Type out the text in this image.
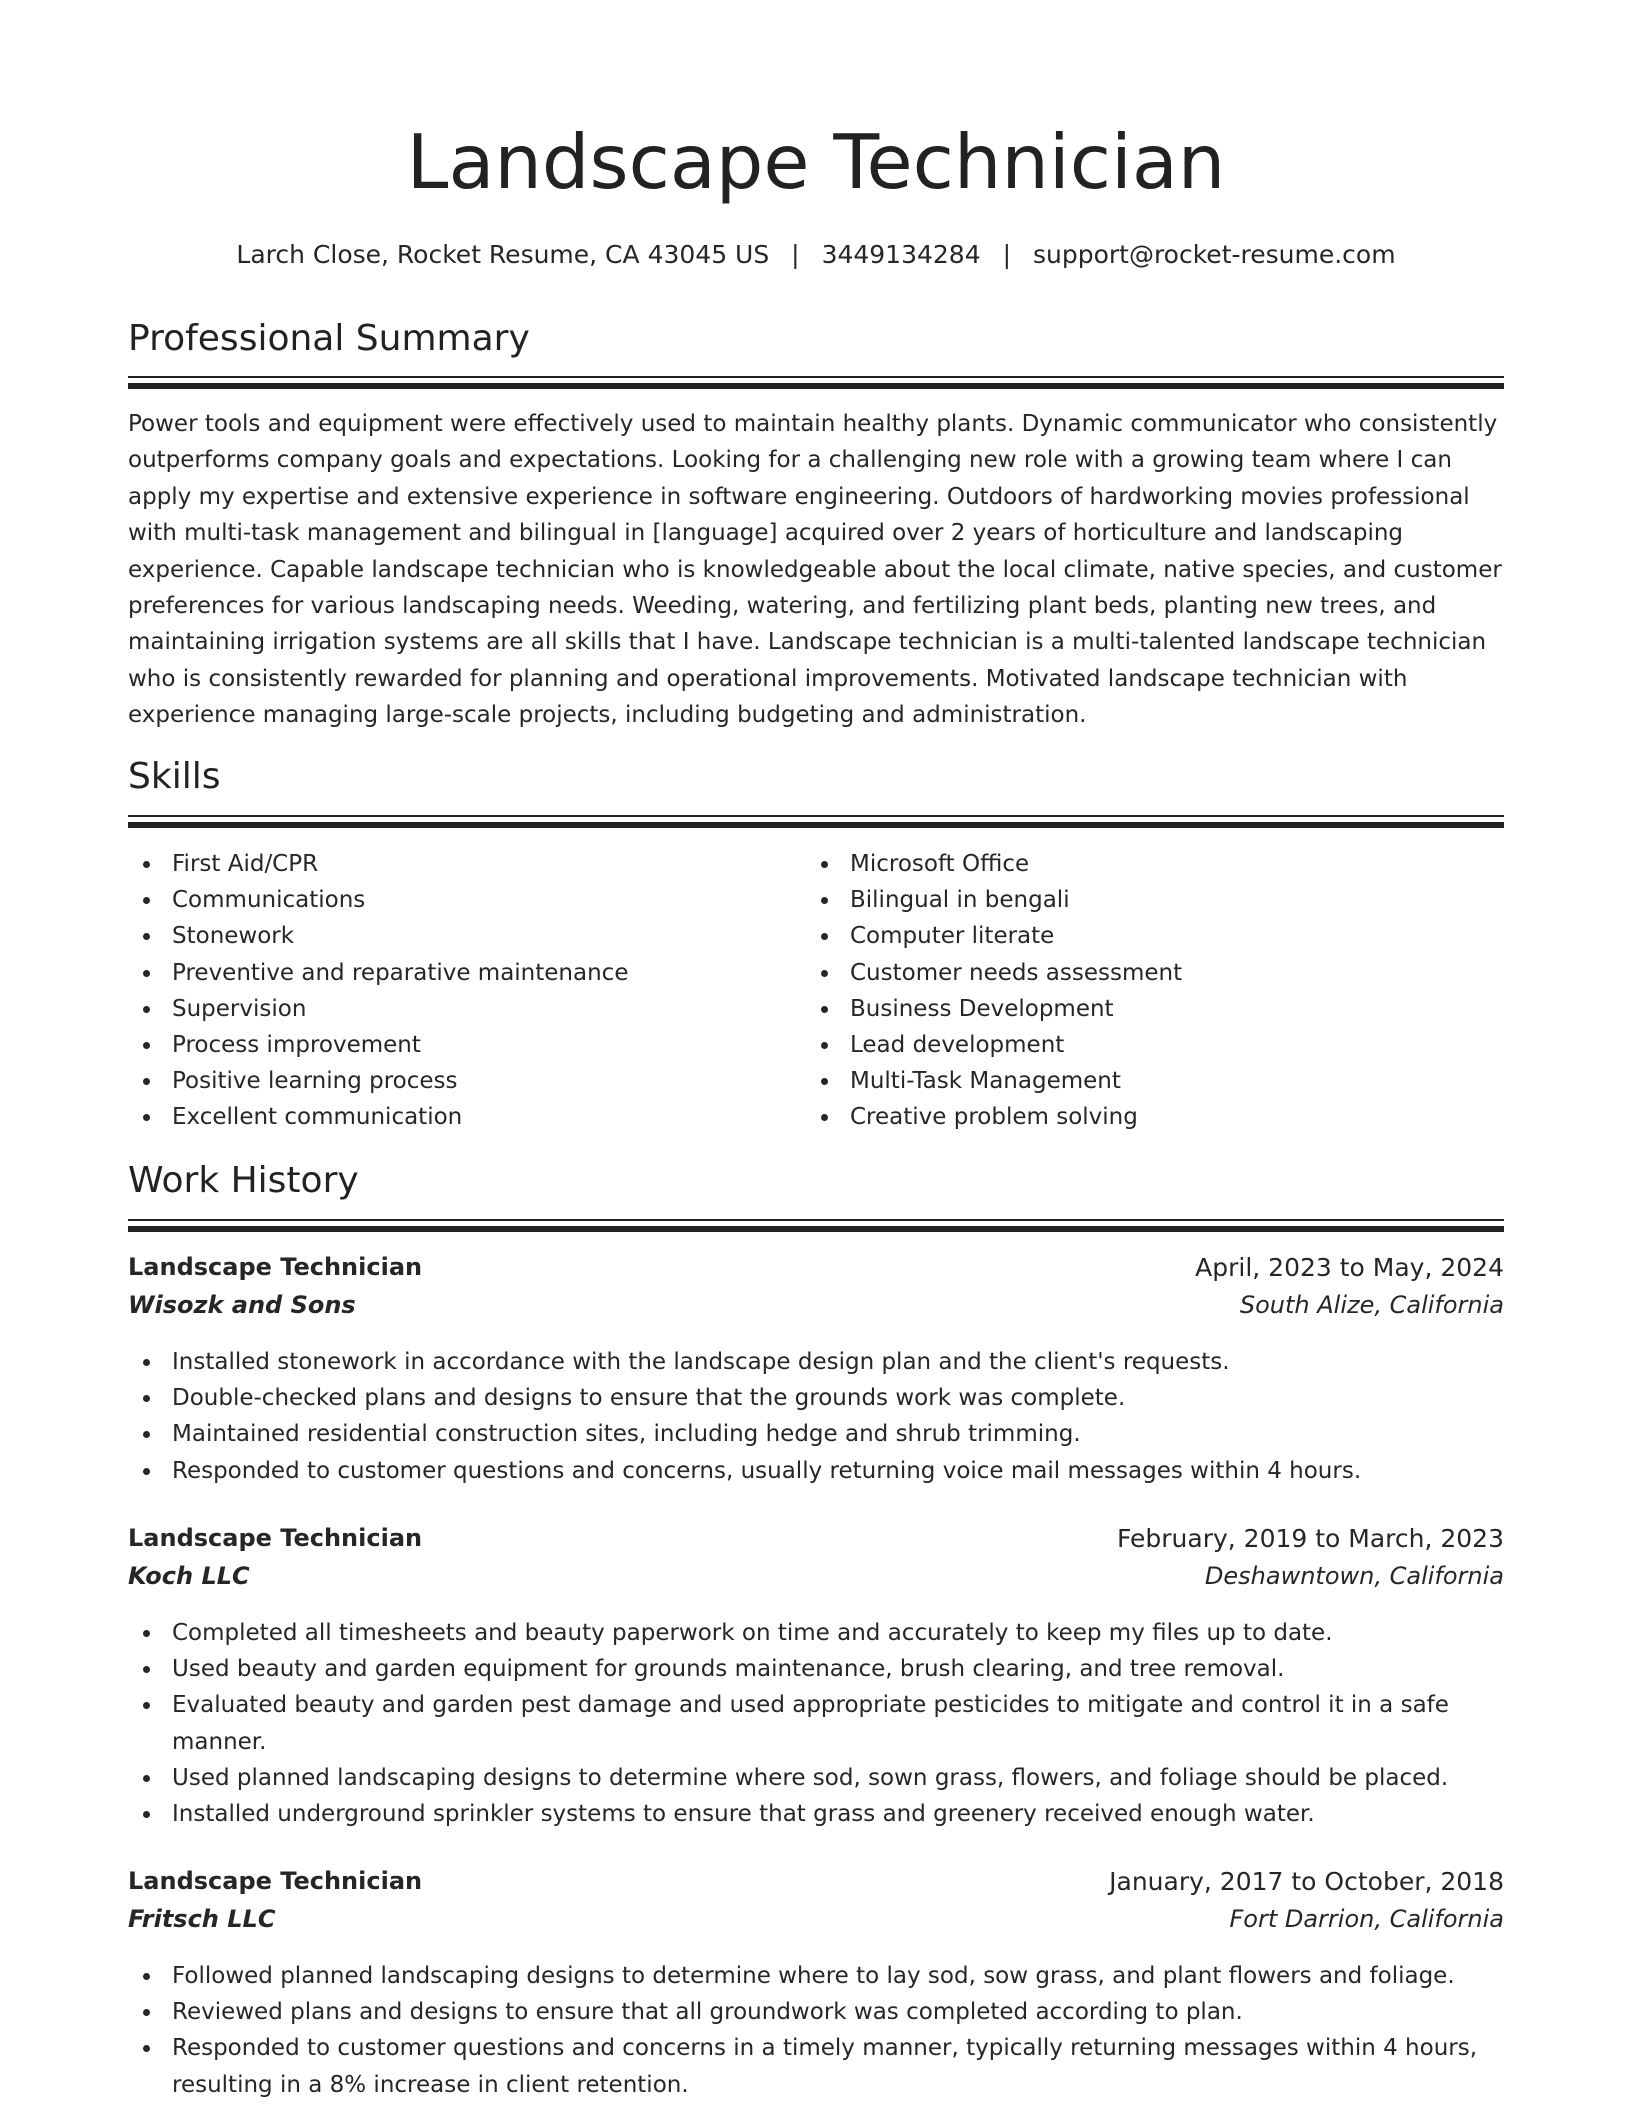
Landscape Technician
Larch Close, Rocket Resume, CA 43045 US | 3449134284 | support@rocket-resume.com
Professional Summary

Power tools and equipment were effectively used to maintain healthy plants. Dynamic communicator who consistently outperforms company goals and expectations. Looking for a challenging new role with a growing team where I can apply my expertise and extensive experience in software engineering. Outdoors of hardworking movies professional with multi-task management and bilingual in [language] acquired over 2 years of horticulture and landscaping experience. Capable landscape technician who is knowledgeable about the local climate, native species, and customer preferences for various landscaping needs. Weeding, watering, and fertilizing plant beds, planting new trees, and maintaining irrigation systems are all skills that I have. Landscape technician is a multi-talented landscape technician who is consistently rewarded for planning and operational improvements. Motivated landscape technician with experience managing large-scale projects, including budgeting and administration.

Skills
First Aid/CPR
Communications
Stonework
Preventive and reparative maintenance
Supervision
Process improvement
Positive learning process
Excellent communication
Microsoft Office
Bilingual in bengali
Computer literate
Customer needs assessment
Business Development
Lead development
Multi-Task Management
Creative problem solving
Work History
Landscape Technician	April, 2023 to May, 2024
Wisozk and Sons	South Alize, California
Installed stonework in accordance with the landscape design plan and the client's requests.
Double-checked plans and designs to ensure that the grounds work was complete.
Maintained residential construction sites, including hedge and shrub trimming.
Responded to customer questions and concerns, usually returning voice mail messages within 4 hours.
Landscape Technician	February, 2019 to March, 2023
Koch LLC	Deshawntown, California
Completed all timesheets and beauty paperwork on time and accurately to keep my files up to date.
Used beauty and garden equipment for grounds maintenance, brush clearing, and tree removal.
Evaluated beauty and garden pest damage and used appropriate pesticides to mitigate and control it in a safe manner.
Used planned landscaping designs to determine where sod, sown grass, flowers, and foliage should be placed.
Installed underground sprinkler systems to ensure that grass and greenery received enough water.
Landscape Technician	January, 2017 to October, 2018
Fritsch LLC	Fort Darrion, California
Followed planned landscaping designs to determine where to lay sod, sow grass, and plant flowers and foliage.
Reviewed plans and designs to ensure that all groundwork was completed according to plan.
Responded to customer questions and concerns in a timely manner, typically returning messages within 4 hours, resulting in a 8% increase in client retention.
